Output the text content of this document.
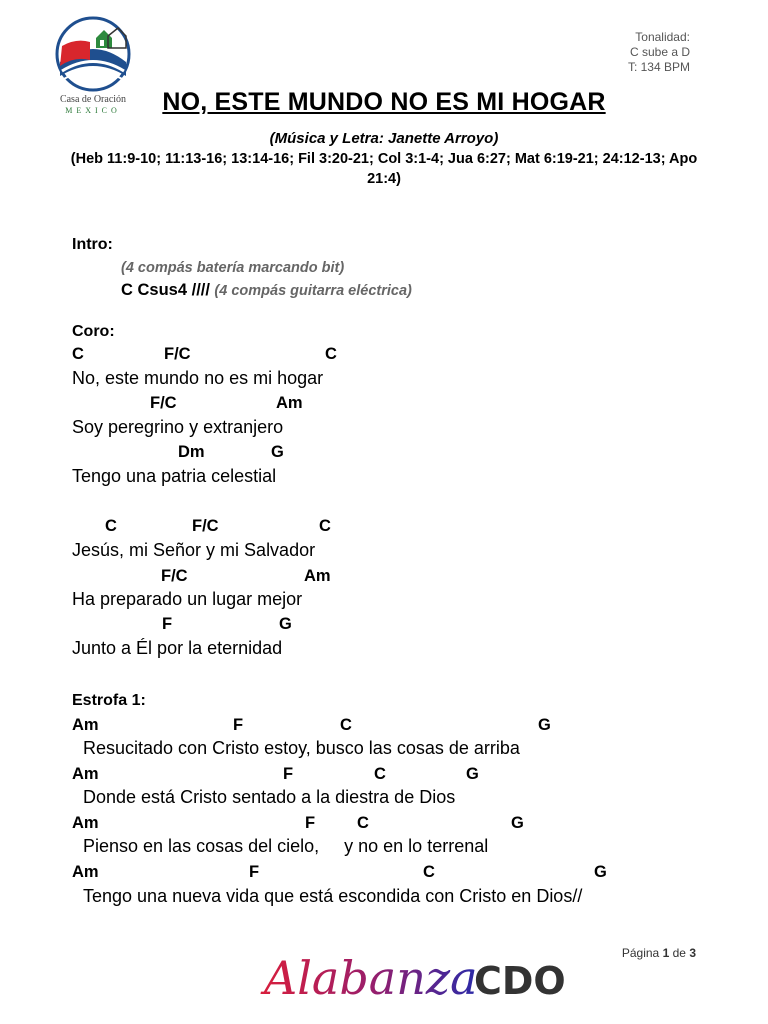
Casa de Oración
MEXICO
Tonalidad:
C sube a D
T: 134 BPM
NO, ESTE MUNDO NO ES MI HOGAR
(Música y Letra: Janette Arroyo)
(Heb 11:9-10; 11:13-16; 13:14-16; Fil 3:20-21; Col 3:1-4; Jua 6:27; Mat 6:19-21; 24:12-13; Apo 21:4)
Intro:
(4 compás batería marcando bit)
C Csus4 //// (4 compás guitarra eléctrica)
Coro:
C	F/C	C
No, este mundo no es mi hogar
F/C	Am
Soy peregrino y extranjero
Dm	G
Tengo una patria celestial
C	F/C	C
Jesús, mi Señor y mi Salvador
F/C	Am
Ha preparado un lugar mejor
F	G
Junto a Él por la eternidad
Estrofa 1:
Am	F	C	G
Resucitado con Cristo estoy, busco las cosas de arriba
Am	F	C	G
Donde está Cristo sentado a la diestra de Dios
Am	F	C	G
Pienso en las cosas del cielo,     y no en lo terrenal
Am	F	C	G
Tengo una nueva vida que está escondida con Cristo en Dios//
Alabanza
CDO
Página 1 de 3
